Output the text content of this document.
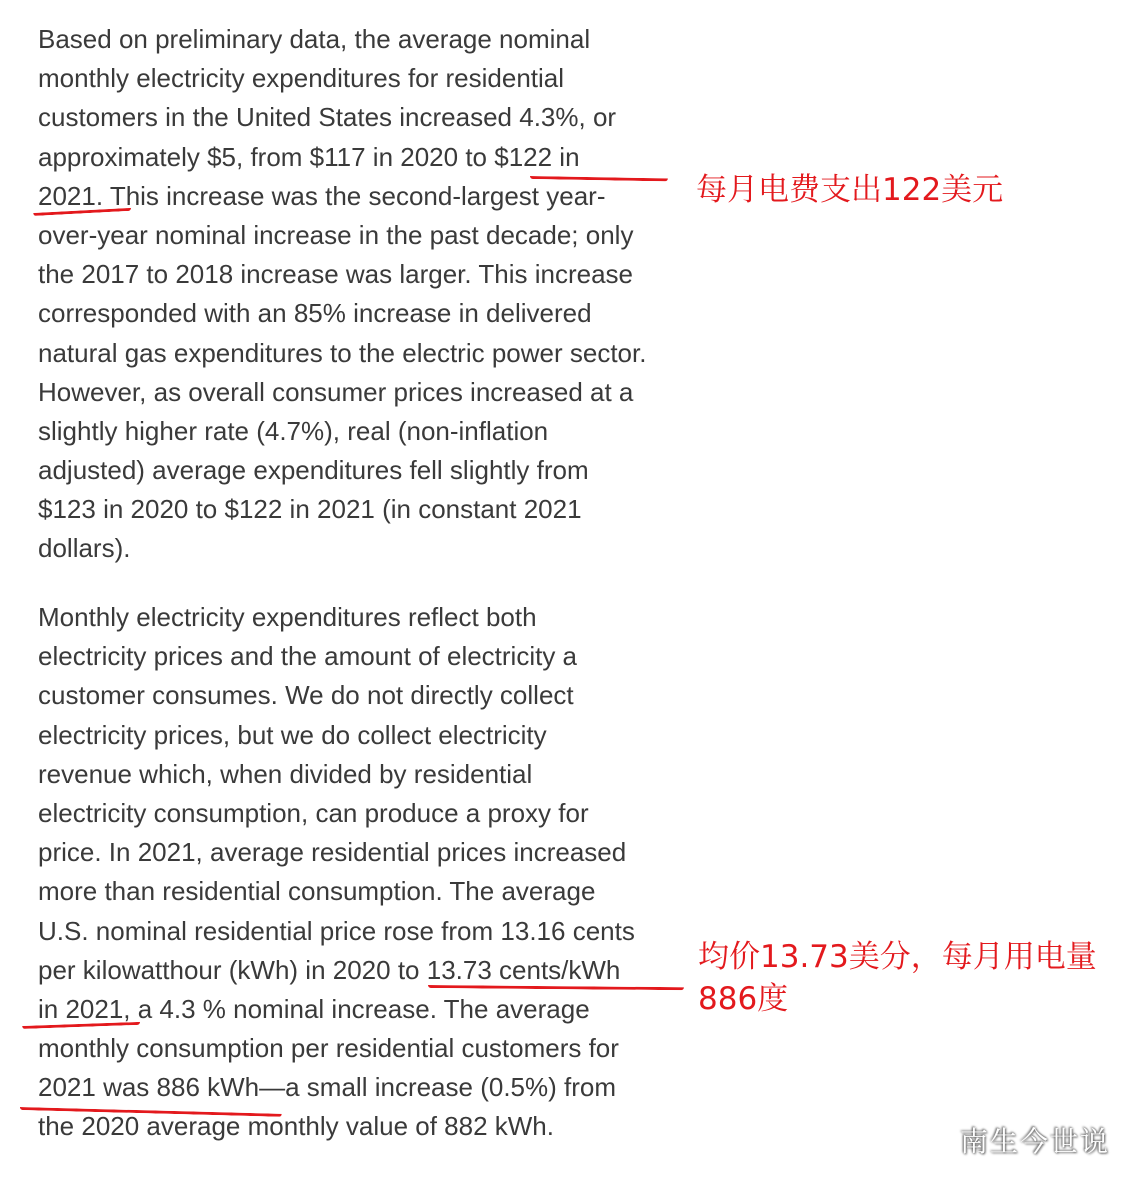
Based on preliminary data, the average nominal
monthly electricity expenditures for residential
customers in the United States increased 4.3%, or
approximately $5, from $117 in 2020 to $122 in
2021. This increase was the second-largest year-
over-year nominal increase in the past decade; only
the 2017 to 2018 increase was larger. This increase
corresponded with an 85% increase in delivered
natural gas expenditures to the electric power sector.
However, as overall consumer prices increased at a
slightly higher rate (4.7%), real (non-inflation
adjusted) average expenditures fell slightly from
$123 in 2020 to $122 in 2021 (in constant 2021
dollars).
Monthly electricity expenditures reflect both
electricity prices and the amount of electricity a
customer consumes. We do not directly collect
electricity prices, but we do collect electricity
revenue which, when divided by residential
electricity consumption, can produce a proxy for
price. In 2021, average residential prices increased
more than residential consumption. The average
U.S. nominal residential price rose from 13.16 cents
per kilowatthour (kWh) in 2020 to 13.73 cents/kWh
in 2021, a 4.3 % nominal increase. The average
monthly consumption per residential customers for
2021 was 886 kWh—a small increase (0.5%) from
the 2020 average monthly value of 882 kWh.
每月电费支出122美元
均价13.73美分，每月用电量
886度
南生今世说
